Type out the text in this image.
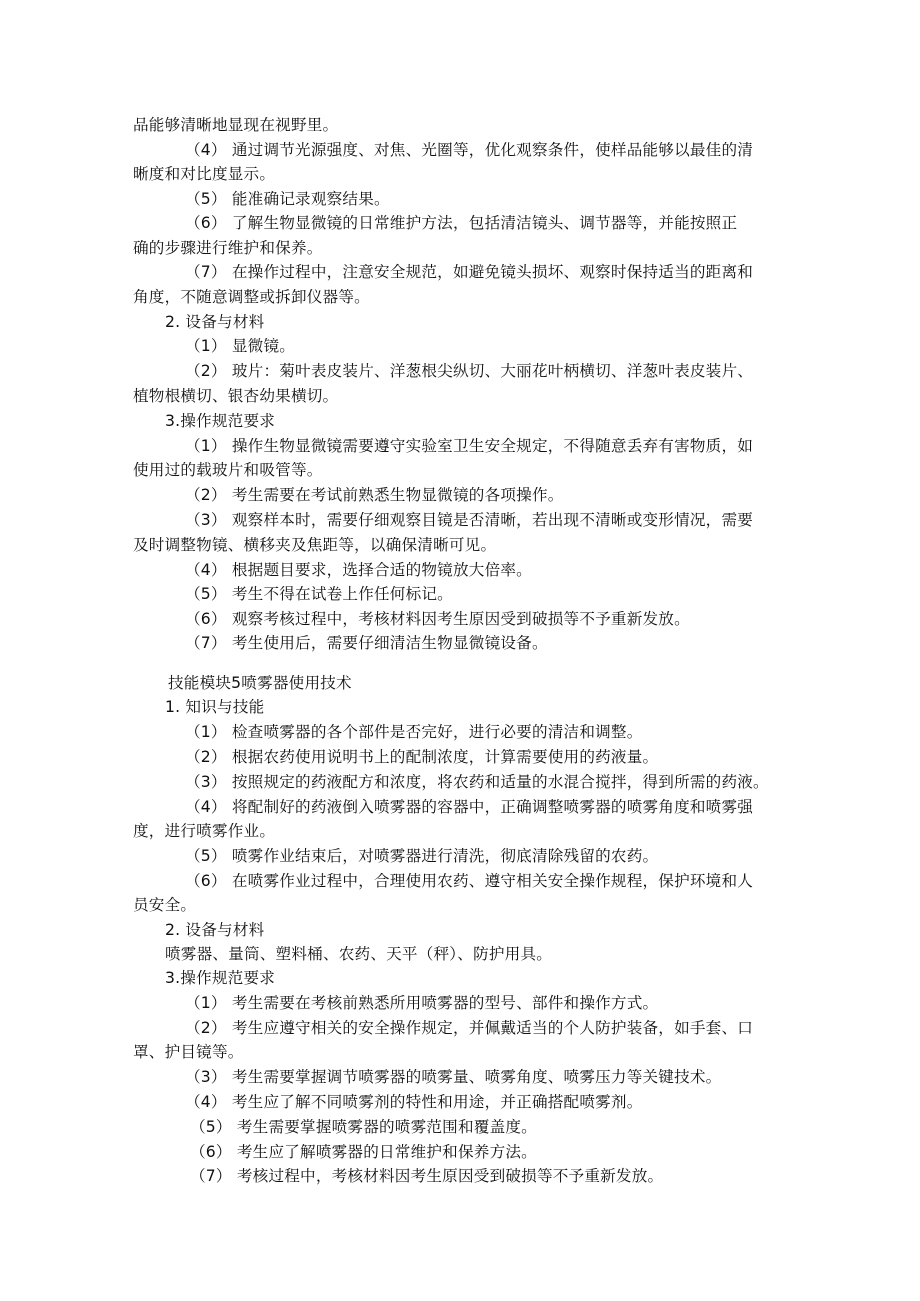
品能够清晰地显现在视野里。

（4） 通过调节光源强度、对焦、光圈等，优化观察条件，使样品能够以最佳的清

晰度和对比度显示。

（5） 能准确记录观察结果。

（6） 了解生物显微镜的日常维护方法，包括清洁镜头、调节器等，并能按照正

确的步骤进行维护和保养。

（7） 在操作过程中，注意安全规范，如避免镜头损坏、观察时保持适当的距离和

角度，不随意调整或拆卸仪器等。

2. 设备与材料

（1） 显微镜。

（2） 玻片：菊叶表皮装片、洋葱根尖纵切、大丽花叶柄横切、洋葱叶表皮装片、

植物根横切、银杏幼果横切。

3.操作规范要求

（1） 操作生物显微镜需要遵守实验室卫生安全规定，不得随意丢弃有害物质，如

使用过的载玻片和吸管等。

（2） 考生需要在考试前熟悉生物显微镜的各项操作。

（3） 观察样本时，需要仔细观察目镜是否清晰，若出现不清晰或变形情况，需要

及时调整物镜、横移夹及焦距等，以确保清晰可见。

（4） 根据题目要求，选择合适的物镜放大倍率。

（5） 考生不得在试卷上作任何标记。

（6） 观察考核过程中，考核材料因考生原因受到破损等不予重新发放。

（7） 考生使用后，需要仔细清洁生物显微镜设备。

技能模块5喷雾器使用技术

1. 知识与技能

（1） 检查喷雾器的各个部件是否完好，进行必要的清洁和调整。

（2） 根据农药使用说明书上的配制浓度，计算需要使用的药液量。

（3） 按照规定的药液配方和浓度，将农药和适量的水混合搅拌，得到所需的药液。

（4） 将配制好的药液倒入喷雾器的容器中，正确调整喷雾器的喷雾角度和喷雾强

度，进行喷雾作业。

（5） 喷雾作业结束后，对喷雾器进行清洗，彻底清除残留的农药。

（6） 在喷雾作业过程中，合理使用农药、遵守相关安全操作规程，保护环境和人

员安全。

2. 设备与材料

喷雾器、量筒、塑料桶、农药、天平（秤）、防护用具。

3.操作规范要求

（1） 考生需要在考核前熟悉所用喷雾器的型号、部件和操作方式。

（2） 考生应遵守相关的安全操作规定，并佩戴适当的个人防护装备，如手套、口

罩、护目镜等。

（3） 考生需要掌握调节喷雾器的喷雾量、喷雾角度、喷雾压力等关键技术。

（4） 考生应了解不同喷雾剂的特性和用途，并正确搭配喷雾剂。

（5） 考生需要掌握喷雾器的喷雾范围和覆盖度。

（6） 考生应了解喷雾器的日常维护和保养方法。

（7） 考核过程中，考核材料因考生原因受到破损等不予重新发放。
